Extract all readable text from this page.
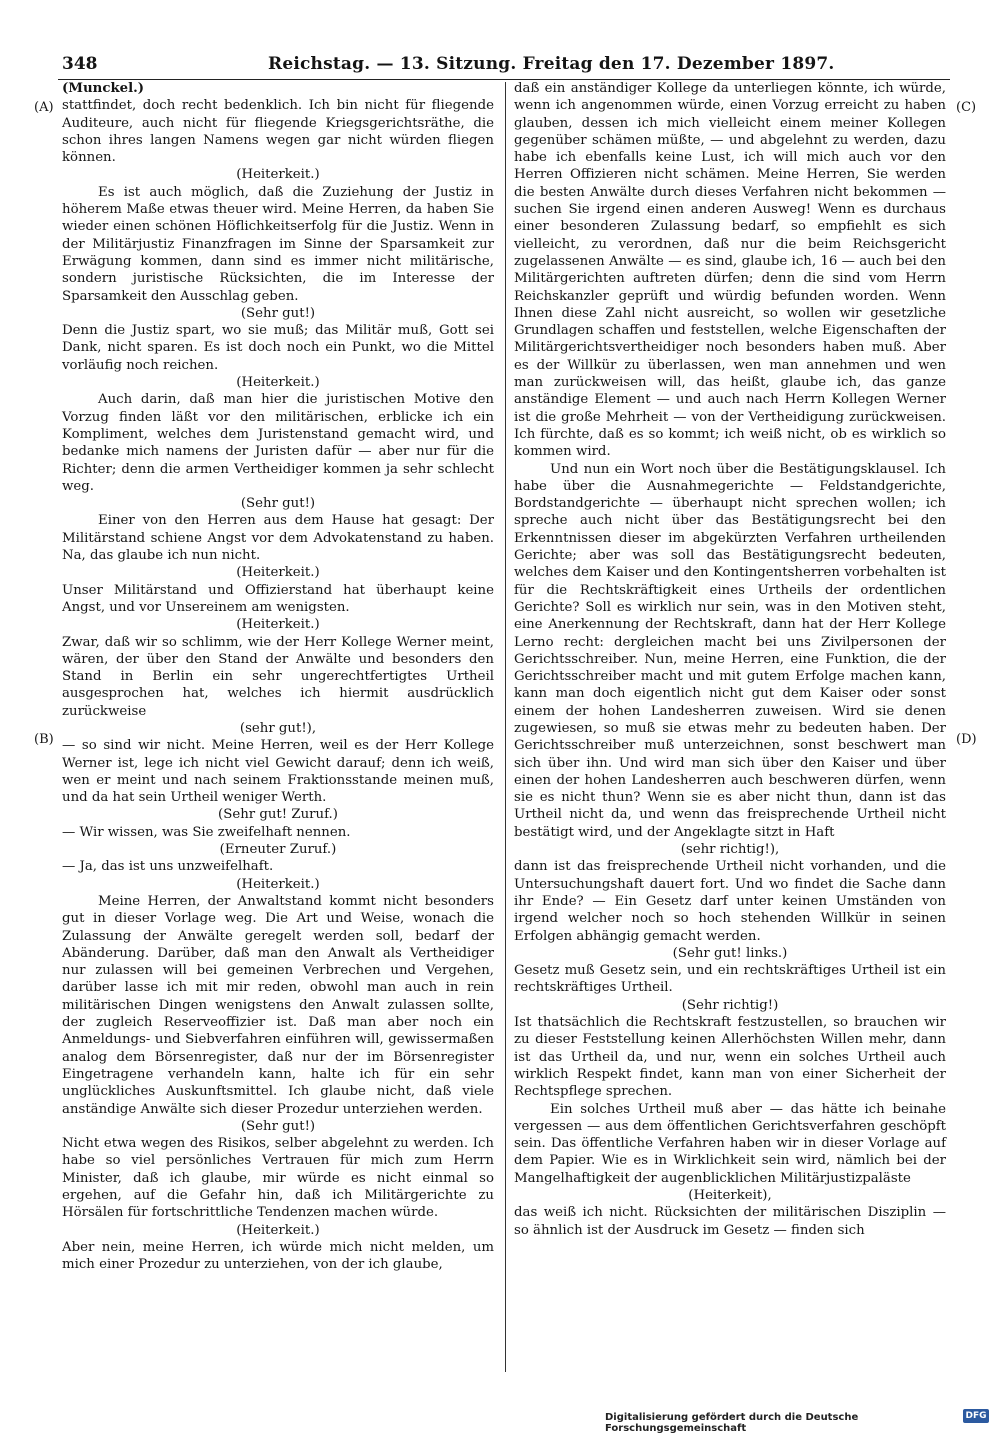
348	Reichstag. — 13. Sitzung. Freitag den 17. Dezember 1897.
(A)
(B)
(C)
(D)

(Munckel.)

stattfindet, doch recht bedenklich. Ich bin nicht für fliegende Auditeure, auch nicht für fliegende Kriegsgerichtsräthe, die schon ihres langen Namens wegen gar nicht würden fliegen können.

(Heiterkeit.)

Es ist auch möglich, daß die Zuziehung der Justiz in höherem Maße etwas theuer wird. Meine Herren, da haben Sie wieder einen schönen Höflichkeitserfolg für die Justiz. Wenn in der Militärjustiz Finanzfragen im Sinne der Sparsamkeit zur Erwägung kommen, dann sind es immer nicht militärische, sondern juristische Rücksichten, die im Interesse der Sparsamkeit den Ausschlag geben.

(Sehr gut!)

Denn die Justiz spart, wo sie muß; das Militär muß, Gott sei Dank, nicht sparen. Es ist doch noch ein Punkt, wo die Mittel vorläufig noch reichen.

(Heiterkeit.)

Auch darin, daß man hier die juristischen Motive den Vorzug finden läßt vor den militärischen, erblicke ich ein Kompliment, welches dem Juristenstand gemacht wird, und bedanke mich namens der Juristen dafür — aber nur für die Richter; denn die armen Vertheidiger kommen ja sehr schlecht weg.

(Sehr gut!)

Einer von den Herren aus dem Hause hat gesagt: Der Militärstand schiene Angst vor dem Advokatenstand zu haben. Na, das glaube ich nun nicht.

(Heiterkeit.)

Unser Militärstand und Offizierstand hat überhaupt keine Angst, und vor Unsereinem am wenigsten.

(Heiterkeit.)

Zwar, daß wir so schlimm, wie der Herr Kollege Werner meint, wären, der über den Stand der Anwälte und besonders den Stand in Berlin ein sehr ungerechtfertigtes Urtheil ausgesprochen hat, welches ich hiermit ausdrücklich zurückweise

(sehr gut!),

— so sind wir nicht. Meine Herren, weil es der Herr Kollege Werner ist, lege ich nicht viel Gewicht darauf; denn ich weiß, wen er meint und nach seinem Fraktionsstande meinen muß, und da hat sein Urtheil weniger Werth.

(Sehr gut! Zuruf.)

— Wir wissen, was Sie zweifelhaft nennen.

(Erneuter Zuruf.)

— Ja, das ist uns unzweifelhaft.

(Heiterkeit.)

Meine Herren, der Anwaltstand kommt nicht besonders gut in dieser Vorlage weg. Die Art und Weise, wonach die Zulassung der Anwälte geregelt werden soll, bedarf der Abänderung. Darüber, daß man den Anwalt als Vertheidiger nur zulassen will bei gemeinen Verbrechen und Vergehen, darüber lasse ich mit mir reden, obwohl man auch in rein militärischen Dingen wenigstens den Anwalt zulassen sollte, der zugleich Reserveoffizier ist. Daß man aber noch ein Anmeldungs- und Siebverfahren einführen will, gewissermaßen analog dem Börsenregister, daß nur der im Börsenregister Eingetragene verhandeln kann, halte ich für ein sehr unglückliches Auskunftsmittel. Ich glaube nicht, daß viele anständige Anwälte sich dieser Prozedur unterziehen werden.

(Sehr gut!)

Nicht etwa wegen des Risikos, selber abgelehnt zu werden. Ich habe so viel persönliches Vertrauen für mich zum Herrn Minister, daß ich glaube, mir würde es nicht einmal so ergehen, auf die Gefahr hin, daß ich Militärgerichte zu Hörsälen für fortschrittliche Tendenzen machen würde.

(Heiterkeit.)

Aber nein, meine Herren, ich würde mich nicht melden, um mich einer Prozedur zu unterziehen, von der ich glaube,

daß ein anständiger Kollege da unterliegen könnte, ich würde, wenn ich angenommen würde, einen Vorzug erreicht zu haben glauben, dessen ich mich vielleicht einem meiner Kollegen gegenüber schämen müßte, — und abgelehnt zu werden, dazu habe ich ebenfalls keine Lust, ich will mich auch vor den Herren Offizieren nicht schämen. Meine Herren, Sie werden die besten Anwälte durch dieses Verfahren nicht bekommen — suchen Sie irgend einen anderen Ausweg! Wenn es durchaus einer besonderen Zulassung bedarf, so empfiehlt es sich vielleicht, zu verordnen, daß nur die beim Reichsgericht zugelassenen Anwälte — es sind, glaube ich, 16 — auch bei den Militärgerichten auftreten dürfen; denn die sind vom Herrn Reichskanzler geprüft und würdig befunden worden. Wenn Ihnen diese Zahl nicht ausreicht, so wollen wir gesetzliche Grundlagen schaffen und feststellen, welche Eigenschaften der Militärgerichtsvertheidiger noch besonders haben muß. Aber es der Willkür zu überlassen, wen man annehmen und wen man zurückweisen will, das heißt, glaube ich, das ganze anständige Element — und auch nach Herrn Kollegen Werner ist die große Mehrheit — von der Vertheidigung zurückweisen. Ich fürchte, daß es so kommt; ich weiß nicht, ob es wirklich so kommen wird.

Und nun ein Wort noch über die Bestätigungsklausel. Ich habe über die Ausnahmegerichte — Feldstandgerichte, Bordstandgerichte — überhaupt nicht sprechen wollen; ich spreche auch nicht über das Bestätigungsrecht bei den Erkenntnissen dieser im abgekürzten Verfahren urtheilenden Gerichte; aber was soll das Bestätigungsrecht bedeuten, welches dem Kaiser und den Kontingentsherren vorbehalten ist für die Rechtskräftigkeit eines Urtheils der ordentlichen Gerichte? Soll es wirklich nur sein, was in den Motiven steht, eine Anerkennung der Rechtskraft, dann hat der Herr Kollege Lerno recht: dergleichen macht bei uns Zivilpersonen der Gerichtsschreiber. Nun, meine Herren, eine Funktion, die der Gerichtsschreiber macht und mit gutem Erfolge machen kann, kann man doch eigentlich nicht gut dem Kaiser oder sonst einem der hohen Landesherren zuweisen. Wird sie denen zugewiesen, so muß sie etwas mehr zu bedeuten haben. Der Gerichtsschreiber muß unterzeichnen, sonst beschwert man sich über ihn. Und wird man sich über den Kaiser und über einen der hohen Landesherren auch beschweren dürfen, wenn sie es nicht thun? Wenn sie es aber nicht thun, dann ist das Urtheil nicht da, und wenn das freisprechende Urtheil nicht bestätigt wird, und der Angeklagte sitzt in Haft

(sehr richtig!),

dann ist das freisprechende Urtheil nicht vorhanden, und die Untersuchungshaft dauert fort. Und wo findet die Sache dann ihr Ende? — Ein Gesetz darf unter keinen Umständen von irgend welcher noch so hoch stehenden Willkür in seinen Erfolgen abhängig gemacht werden.

(Sehr gut! links.)

Gesetz muß Gesetz sein, und ein rechtskräftiges Urtheil ist ein rechtskräftiges Urtheil.

(Sehr richtig!)

Ist thatsächlich die Rechtskraft festzustellen, so brauchen wir zu dieser Feststellung keinen Allerhöchsten Willen mehr, dann ist das Urtheil da, und nur, wenn ein solches Urtheil auch wirklich Respekt findet, kann man von einer Sicherheit der Rechtspflege sprechen.

Ein solches Urtheil muß aber — das hätte ich beinahe vergessen — aus dem öffentlichen Gerichtsverfahren geschöpft sein. Das öffentliche Verfahren haben wir in dieser Vorlage auf dem Papier. Wie es in Wirklichkeit sein wird, nämlich bei der Mangelhaftigkeit der augenblicklichen Militärjustizpaläste

(Heiterkeit),

das weiß ich nicht. Rücksichten der militärischen Disziplin — so ähnlich ist der Ausdruck im Gesetz — finden sich

Digitalisierung gefördert durch die Deutsche Forschungsgemeinschaft
DFG
